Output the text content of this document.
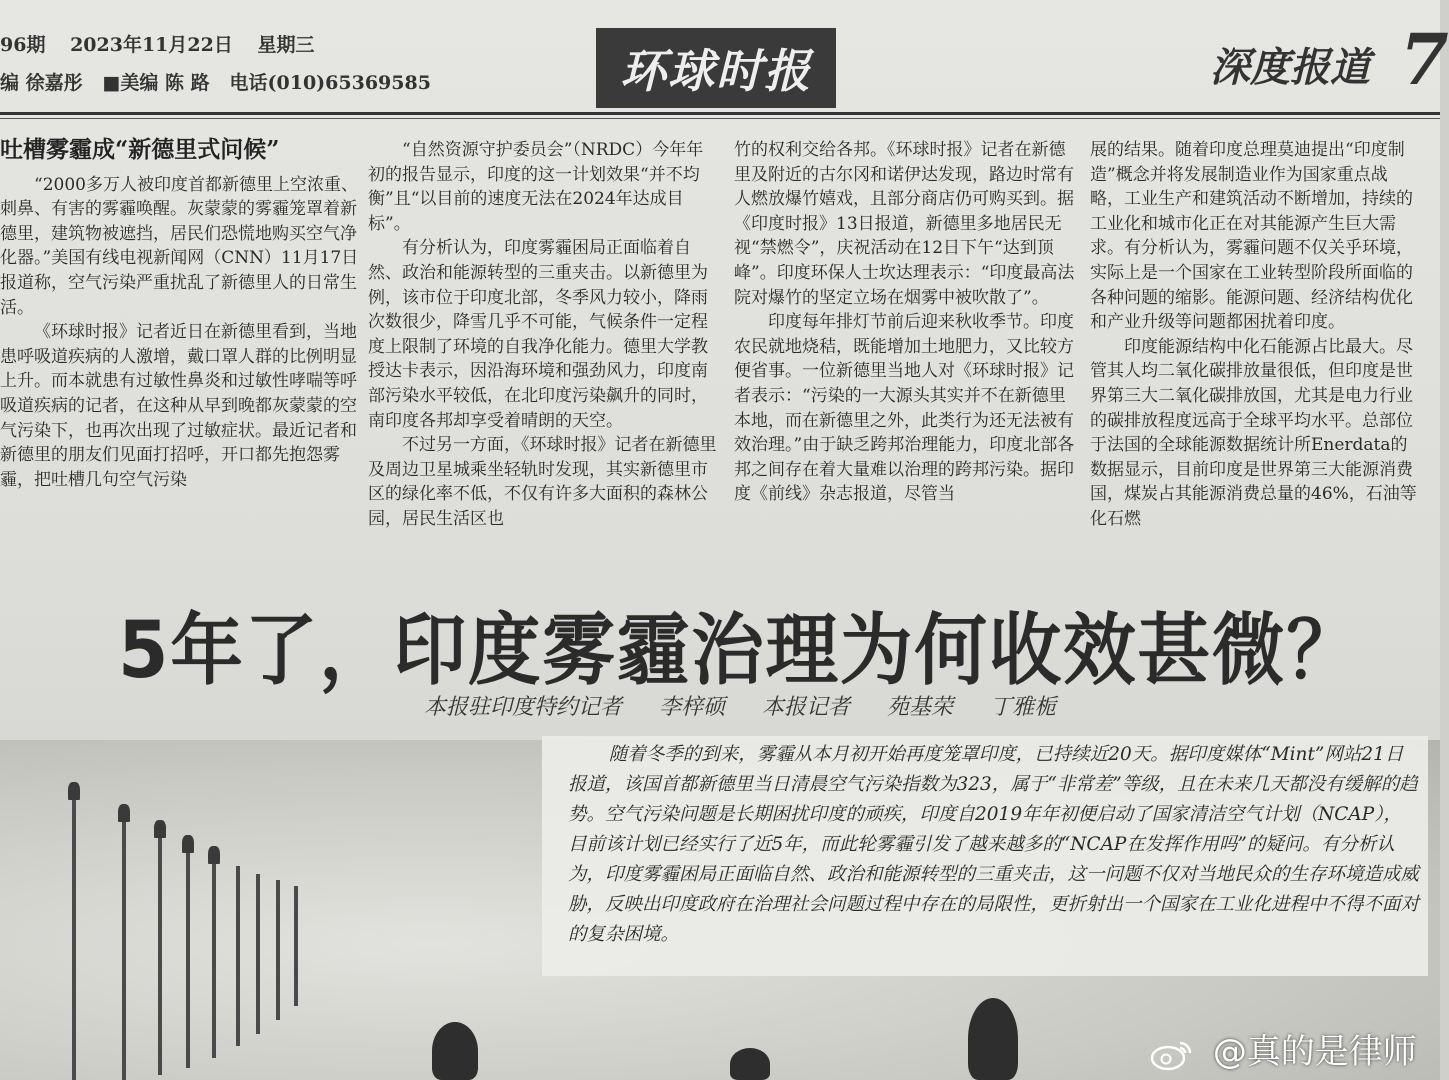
96期 2023年11月22日 星期三
编 徐嘉彤 ■美编 陈 路 电话(010)65369585	环球时报	深度报道 7
吐槽雾霾成“新德里式问候”

“2000多万人被印度首都新德里上空浓重、刺鼻、有害的雾霾唤醒。灰蒙蒙的雾霾笼罩着新德里，建筑物被遮挡，居民们恐慌地购买空气净化器。”美国有线电视新闻网（CNN）11月17日报道称，空气污染严重扰乱了新德里人的日常生活。

《环球时报》记者近日在新德里看到，当地患呼吸道疾病的人激增，戴口罩人群的比例明显上升。而本就患有过敏性鼻炎和过敏性哮喘等呼吸道疾病的记者，在这种从早到晚都灰蒙蒙的空气污染下，也再次出现了过敏症状。最近记者和新德里的朋友们见面打招呼，开口都先抱怨雾霾，把吐槽几句空气污染

“自然资源守护委员会”（NRDC）今年年初的报告显示，印度的这一计划效果“并不均衡”且“以目前的速度无法在2024年达成目标”。

有分析认为，印度雾霾困局正面临着自然、政治和能源转型的三重夹击。以新德里为例，该市位于印度北部，冬季风力较小，降雨次数很少，降雪几乎不可能，气候条件一定程度上限制了环境的自我净化能力。德里大学教授达卡表示，因沿海环境和强劲风力，印度南部污染水平较低，在北印度污染飙升的同时，南印度各邦却享受着晴朗的天空。

不过另一方面，《环球时报》记者在新德里及周边卫星城乘坐轻轨时发现，其实新德里市区的绿化率不低，不仅有许多大面积的森林公园，居民生活区也

竹的权利交给各邦。《环球时报》记者在新德里及附近的古尔冈和诺伊达发现，路边时常有人燃放爆竹嬉戏，且部分商店仍可购买到。据《印度时报》13日报道，新德里多地居民无视“禁燃令”，庆祝活动在12日下午“达到顶峰”。印度环保人士坎达理表示：“印度最高法院对爆竹的坚定立场在烟雾中被吹散了”。

印度每年排灯节前后迎来秋收季节。印度农民就地烧秸，既能增加土地肥力，又比较方便省事。一位新德里当地人对《环球时报》记者表示：“污染的一大源头其实并不在新德里本地，而在新德里之外，此类行为还无法被有效治理。”由于缺乏跨邦治理能力，印度北部各邦之间存在着大量难以治理的跨邦污染。据印度《前线》杂志报道，尽管当

展的结果。随着印度总理莫迪提出“印度制造”概念并将发展制造业作为国家重点战略，工业生产和建筑活动不断增加，持续的工业化和城市化正在对其能源产生巨大需求。有分析认为，雾霾问题不仅关乎环境，实际上是一个国家在工业转型阶段所面临的各种问题的缩影。能源问题、经济结构优化和产业升级等问题都困扰着印度。

印度能源结构中化石能源占比最大。尽管其人均二氧化碳排放量很低，但印度是世界第三大二氧化碳排放国，尤其是电力行业的碳排放程度远高于全球平均水平。总部位于法国的全球能源数据统计所Enerdata的数据显示，目前印度是世界第三大能源消费国，煤炭占其能源消费总量的46%，石油等化石燃

5年了，印度雾霾治理为何收效甚微？
本报驻印度特约记者 李梓硕 本报记者 苑基荣 丁雅栀

随着冬季的到来，雾霾从本月初开始再度笼罩印度，已持续近20天。据印度媒体“Mint”网站21日报道，该国首都新德里当日清晨空气污染指数为323，属于“非常差”等级，且在未来几天都没有缓解的趋势。空气污染问题是长期困扰印度的顽疾，印度自2019年年初便启动了国家清洁空气计划（NCAP），目前该计划已经实行了近5年，而此轮雾霾引发了越来越多的“NCAP在发挥作用吗”的疑问。有分析认为，印度雾霾困局正面临自然、政治和能源转型的三重夹击，这一问题不仅对当地民众的生存环境造成威胁，反映出印度政府在治理社会问题过程中存在的局限性，更折射出一个国家在工业化进程中不得不面对的复杂困境。

@真的是律师
